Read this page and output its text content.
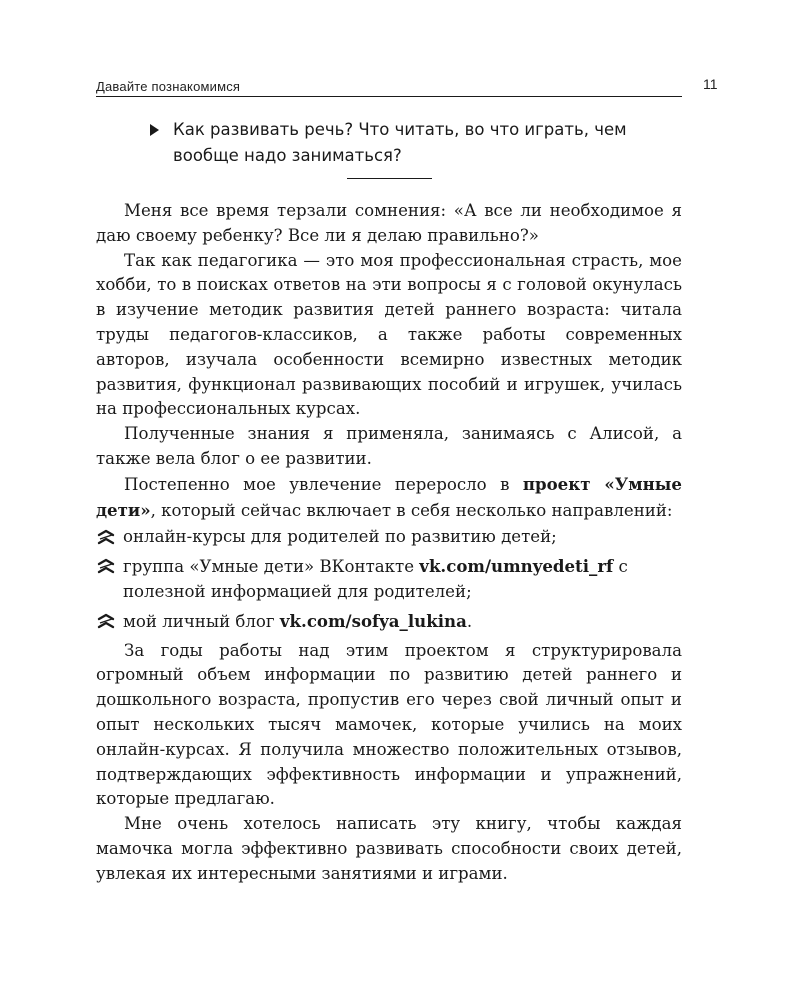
Давайте познакомимся	11
Как развивать речь? Что читать, во что играть, чем вообще надо заниматься?

Меня все время терзали сомнения: «А все ли необходимое я даю своему ребенку? Все ли я делаю правильно?»

Так как педагогика — это моя профессиональная страсть, мое хобби, то в поисках ответов на эти вопросы я с головой окунулась в изучение методик развития детей раннего возраста: читала труды педагогов-классиков, а также работы современных авторов, изучала особенности всемирно известных методик развития, функционал развивающих пособий и игрушек, училась на профессиональных курсах.

Полученные знания я применяла, занимаясь с Алисой, а также вела блог о ее развитии.

Постепенно мое увлечение переросло в проект «Умные дети», который сейчас включает в себя несколько направлений:

онлайн-курсы для родителей по развитию детей;
группа «Умные дети» ВКонтакте vk.com/umnyedeti_rf с полезной информацией для родителей;
мой личный блог vk.com/sofya_lukina.

За годы работы над этим проектом я структурировала огромный объем информации по развитию детей раннего и дошкольного возраста, пропустив его через свой личный опыт и опыт нескольких тысяч мамочек, которые учились на моих онлайн-курсах. Я получила множество положительных отзывов, подтверждающих эффективность информации и упражнений, которые предлагаю.

Мне очень хотелось написать эту книгу, чтобы каждая мамочка могла эффективно развивать способности своих детей, увлекая их интересными занятиями и играми.
